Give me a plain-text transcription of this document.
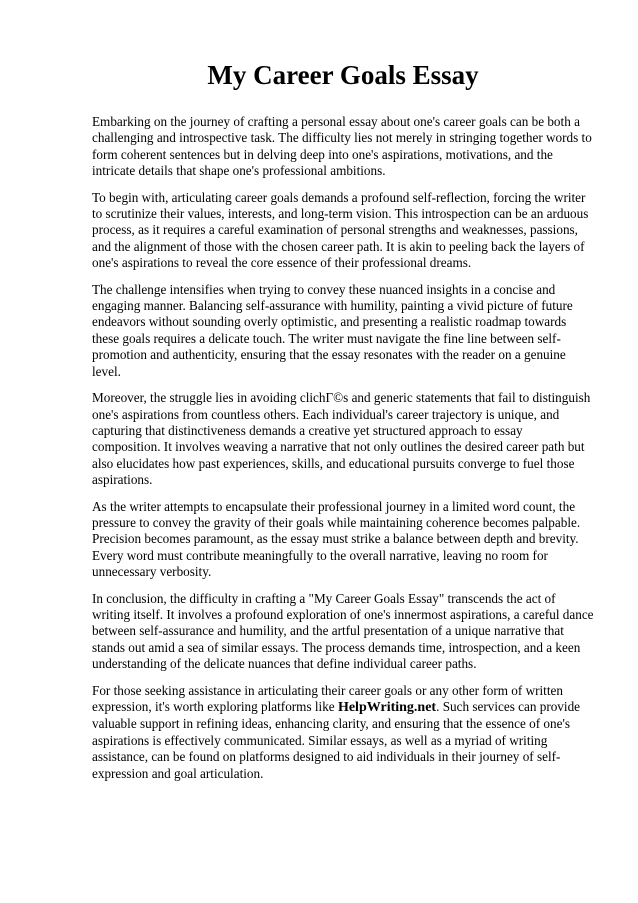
My Career Goals Essay

Embarking on the journey of crafting a personal essay about one's career goals can be both a challenging and introspective task. The difficulty lies not merely in stringing together words to form coherent sentences but in delving deep into one's aspirations, motivations, and the intricate details that shape one's professional ambitions.

To begin with, articulating career goals demands a profound self-reflection, forcing the writer to scrutinize their values, interests, and long-term vision. This introspection can be an arduous process, as it requires a careful examination of personal strengths and weaknesses, passions, and the alignment of those with the chosen career path. It is akin to peeling back the layers of one's aspirations to reveal the core essence of their professional dreams.

The challenge intensifies when trying to convey these nuanced insights in a concise and engaging manner. Balancing self-assurance with humility, painting a vivid picture of future endeavors without sounding overly optimistic, and presenting a realistic roadmap towards these goals requires a delicate touch. The writer must navigate the fine line between self-promotion and authenticity, ensuring that the essay resonates with the reader on a genuine level.

Moreover, the struggle lies in avoiding clichГ©s and generic statements that fail to distinguish one's aspirations from countless others. Each individual's career trajectory is unique, and capturing that distinctiveness demands a creative yet structured approach to essay composition. It involves weaving a narrative that not only outlines the desired career path but also elucidates how past experiences, skills, and educational pursuits converge to fuel those aspirations.

As the writer attempts to encapsulate their professional journey in a limited word count, the pressure to convey the gravity of their goals while maintaining coherence becomes palpable. Precision becomes paramount, as the essay must strike a balance between depth and brevity. Every word must contribute meaningfully to the overall narrative, leaving no room for unnecessary verbosity.

In conclusion, the difficulty in crafting a "My Career Goals Essay" transcends the act of writing itself. It involves a profound exploration of one's innermost aspirations, a careful dance between self-assurance and humility, and the artful presentation of a unique narrative that stands out amid a sea of similar essays. The process demands time, introspection, and a keen understanding of the delicate nuances that define individual career paths.

For those seeking assistance in articulating their career goals or any other form of written expression, it's worth exploring platforms like HelpWriting.net. Such services can provide valuable support in refining ideas, enhancing clarity, and ensuring that the essence of one's aspirations is effectively communicated. Similar essays, as well as a myriad of writing assistance, can be found on platforms designed to aid individuals in their journey of self-expression and goal articulation.
